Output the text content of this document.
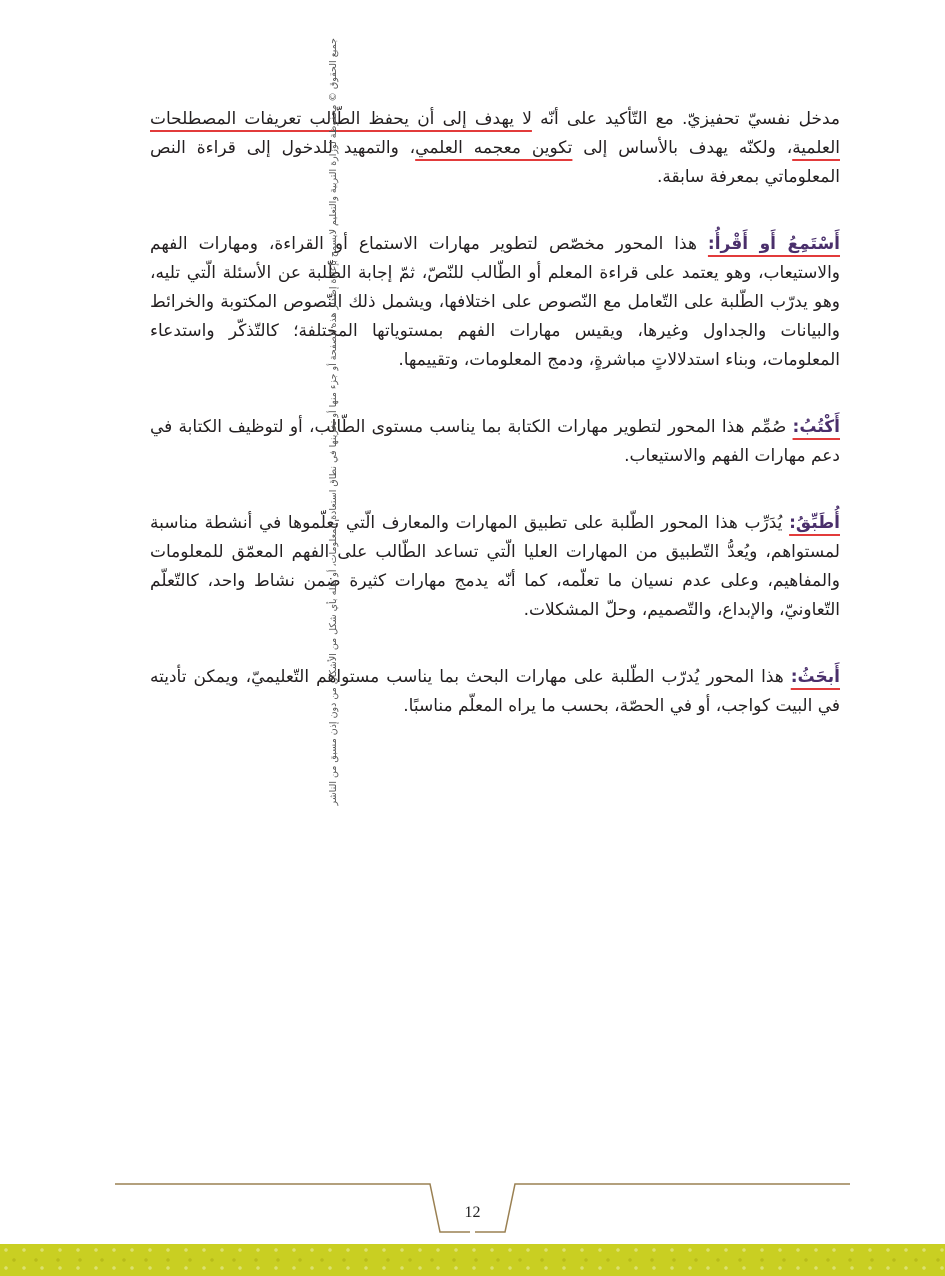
مدخل نفسيّ تحفيزيّ. مع التّأكيد على أنّه لا يهدف إلى أن يحفظ الطّالب تعريفات المصطلحات العلمية، ولكنّه يهدف بالأساس إلى تكوين معجمه العلمي، والتمهيد للدخول إلى قراءة النص المعلوماتي بمعرفة سابقة.

أَسْتَمِعُ أَو أَقْرأُ: هذا المحور مخصّص لتطوير مهارات الاستماع أو القراءة، ومهارات الفهم والاستيعاب، وهو يعتمد على قراءة المعلم أو الطّالب للنّصّ، ثمّ إجابة الطّلبة عن الأسئلة الّتي تليه، وهو يدرّب الطّلبة على التّعامل مع النّصوص على اختلافها، ويشمل ذلك النّصوص المكتوبة والخرائط والبيانات والجداول وغيرها، ويقيس مهارات الفهم بمستوياتها المختلفة؛ كالتّذكّر واستدعاء المعلومات، وبناء استدلالاتٍ مباشرةٍ، ودمج المعلومات، وتقييمها.

أَكْتُبُ: صُمِّم هذا المحور لتطوير مهارات الكتابة بما يناسب مستوى الطّالب، أو لتوظيف الكتابة في دعم مهارات الفهم والاستيعاب.

أُطَبِّقُ: يُدَرِّب هذا المحور الطّلبة على تطبيق المهارات والمعارف الّتي تعلّموها في أنشطة مناسبة لمستواهم، ويُعدُّ التّطبيق من المهارات العليا الّتي تساعد الطّالب على الفهم المعمّق للمعلومات والمفاهيم، وعلى عدم نسيان ما تعلّمه، كما أنّه يدمج مهارات كثيرة ضمن نشاط واحد، كالتّعلّم التّعاونيّ، والإبداع، والتّصميم، وحلّ المشكلات.

أَبحَثُ: هذا المحور يُدرّب الطّلبة على مهارات البحث بما يناسب مستواهم التّعليميّ، ويمكن تأديته في البيت كواجب، أو في الحصّة، بحسب ما يراه المعلّم مناسبًا.

جميع الحقوق © محفوظة لوزارة التربية والتعليم لايسمح بإعادة إصدار هذه الصفحة أو جزء منها أو تخزينها في نطاق استعادة المعلومات، أو نقله بأي شكل من الأشكال من دون إذن مسبق من الناشر
12
